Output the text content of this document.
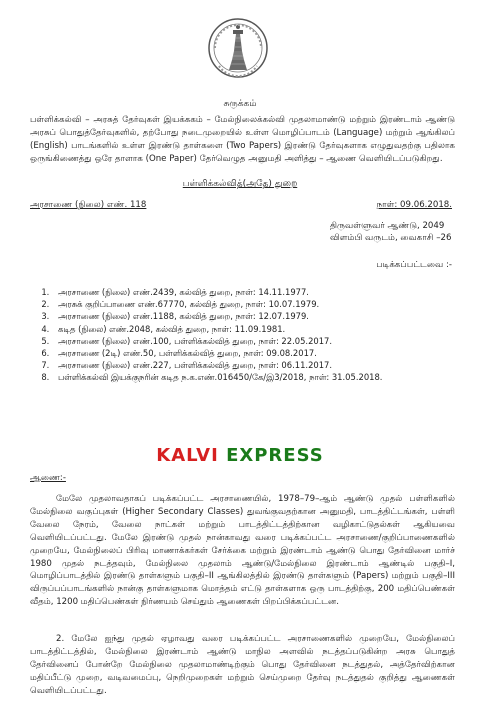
சுருக்கம்
பள்ளிக்கல்வி – அரசுத் தேர்வுகள் இயக்ககம் – மேல்நிலைக்கல்வி முதலாமாண்டு மற்றும் இரண்டாம் ஆண்டு அரசுப் பொதுத்தேர்வுகளில், தற்போது நடைமுறையில் உள்ள மொழிப்பாடம் (Language) மற்றும் ஆங்கிலப் (English) பாடங்களில் உள்ள இரண்டு தாள்களை (Two Papers) இரண்டு தேர்வுகளாக எழுதுவதற்கு பதிலாக ஒருங்கிணைத்து ஒரே தாளாக (One Paper) தேர்வெழுத அனுமதி அளித்து – ஆணை வெளியிடப்படுகிறது.
பள்ளிக்கல்வித்(அதே) துறை
அரசாணை (நிலை) எண். 118	நாள்: 09.06.2018.
திருவள்ளுவர் ஆண்டு, 2049
விளம்பி வருடம், வைகாசி –26
படிக்கப்பட்டவை :-
1. அரசாணை (நிலை) எண்.2439, கல்வித் துறை, நாள்: 14.11.1977.
2. அரசுக் குறிப்பாணை எண்.67770, கல்வித் துறை, நாள்: 10.07.1979.
3. அரசாணை (நிலை) எண்.1188, கல்வித் துறை, நாள்: 12.07.1979.
4. கடித (நிலை) எண்.2048, கல்வித் துறை, நாள்: 11.09.1981.
5. அரசாணை (நிலை) எண்.100, பள்ளிக்கல்வித் துறை, நாள்: 22.05.2017.
6. அரசாணை (2டி) எண்.50, பள்ளிக்கல்வித் துறை, நாள்: 09.08.2017.
7. அரசாணை (நிலை) எண்.227, பள்ளிக்கல்வித் துறை, நாள்: 06.11.2017.
8. பள்ளிக்கல்வி இயக்குநரின் கடித ந.க.எண்.016450/கே/இ3/2018, நாள்: 31.05.2018.
KALVI EXPRESS
ஆணை:-
மேலே முதலாவதாகப் படிக்கப்பட்ட அரசாணையில், 1978–79–ஆம் ஆண்டு முதல் பள்ளிகளில் மேல்நிலை வகுப்புகள் (Higher Secondary Classes) துவங்குவதற்கான அனுமதி, பாடத்திட்டங்கள், பள்ளி வேலை நேரம், வேலை நாட்கள் மற்றும் பாடத்திட்டத்திற்கான வழிகாட்டுதல்கள் ஆகியவை வெளியிடப்பட்டது. மேலே இரண்டு முதல் நான்காவது வரை படிக்கப்பட்ட அரசாணை/குறிப்பாணைகளில் முறையே, மேல்நிலைப் பிரிவு மாணாக்கர்கள் சேர்க்கை மற்றும் இரண்டாம் ஆண்டு பொது தேர்வினை மார்ச் 1980 முதல் நடத்தவும், மேல்நிலை முதலாம் ஆண்டு/மேல்நிலை இரண்டாம் ஆண்டில் பகுதி–I, மொழிப்பாடத்தில் இரண்டு தாள்களும் பகுதி–II ஆங்கிலத்தில் இரண்டு தாள்களும் (Papers) மற்றும் பகுதி–III விருப்பப்பாடங்களில் நான்கு தாள்களுமாக மொத்தம் எட்டு தாள்களாக ஒரு பாடத்திற்கு, 200 மதிப்பெண்கள் வீதம், 1200 மதிப்பெண்கள் நிர்ணயம் செய்தும் ஆணைகள் பிறப்பிக்கப்பட்டன.
2. மேலே ஐந்து முதல் ஏழாவது வரை படிக்கப்பட்ட அரசாணைகளில் முறையே, மேல்நிலைப் பாடத்திட்டத்தில், மேல்நிலை இரண்டாம் ஆண்டு மாநில அளவில் நடத்தப்படுகின்ற அரசு பொதுத் தேர்வினைப் போன்றே மேல்நிலை முதலாமாண்டிற்கும் பொது தேர்வினை நடத்துதல், அத்தேர்விற்கான மதிப்பீட்டு முறை, வடிவமைப்பு, நெறிமுறைகள் மற்றும் செய்முறை தேர்வு நடத்துதல் குறித்து ஆணைகள் வெளியிடப்பட்டது.
